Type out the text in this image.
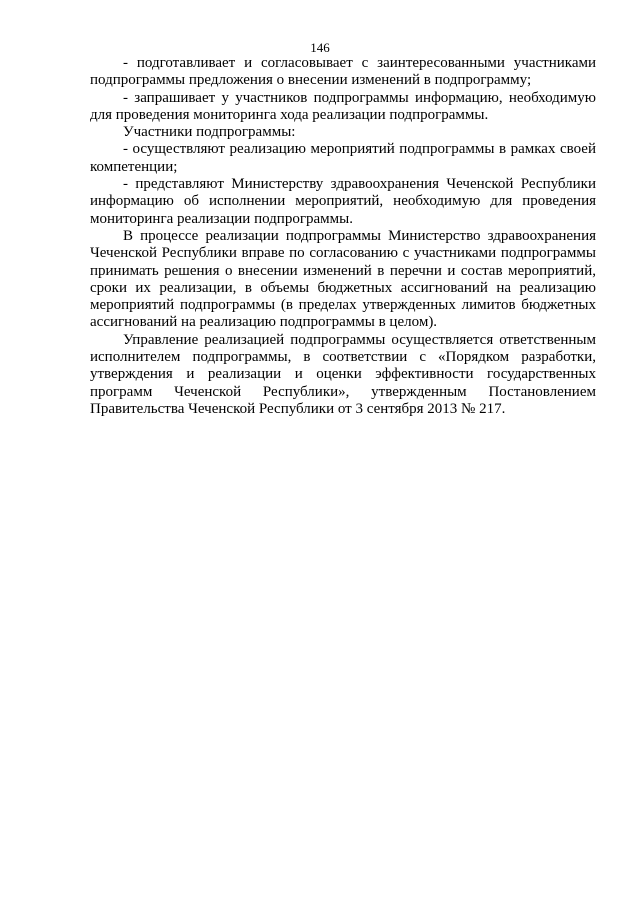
146

- подготавливает и согласовывает с заинтересованными участниками подпрограммы предложения о внесении изменений в подпрограмму;

- запрашивает у участников подпрограммы информацию, необходимую для проведения мониторинга хода реализации подпрограммы.

Участники подпрограммы:

- осуществляют реализацию мероприятий подпрограммы в рамках своей компетенции;

- представляют Министерству здравоохранения Чеченской Республики информацию об исполнении мероприятий, необходимую для проведения мониторинга реализации подпрограммы.

В процессе реализации подпрограммы Министерство здравоохранения Чеченской Республики вправе по согласованию с участниками подпрограммы принимать решения о внесении изменений в перечни и состав мероприятий, сроки их реализации, в объемы бюджетных ассигнований на реализацию мероприятий подпрограммы (в пределах утвержденных лимитов бюджетных ассигнований на реализацию подпрограммы в целом).

Управление реализацией подпрограммы осуществляется ответственным исполнителем подпрограммы, в соответствии с «Порядком разработки, утверждения и реализации и оценки эффективности государственных программ Чеченской Республики», утвержденным Постановлением Правительства Чеченской Республики от 3 сентября 2013 № 217.
